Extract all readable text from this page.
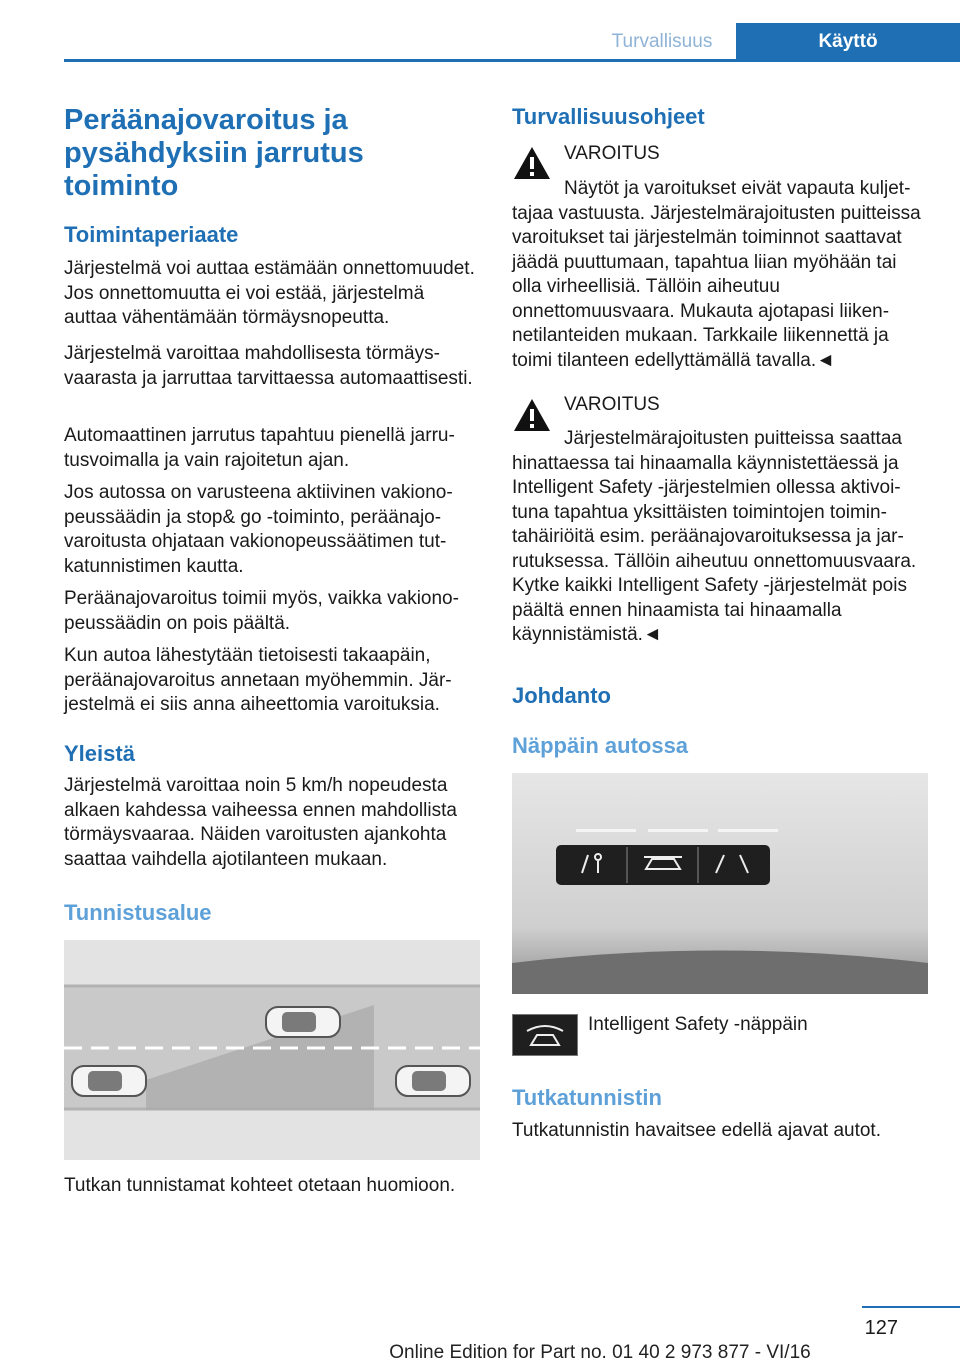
Turvallisuus	Käyttö
Peräänajovaroitus ja pysähdyksiin jarrutus toiminto
Toimintaperiaate

Järjestelmä voi auttaa estämään onnettomuudet. Jos onnettomuutta ei voi estää, järjestelmä auttaa vähentämään törmäysnopeutta.

Järjestelmä varoittaa mahdollisesta törmäysvaarasta ja jarruttaa tarvittaessa automaattisesti.

Automaattinen jarrutus tapahtuu pienellä jarrutusvoimalla ja vain rajoitetun ajan.

Jos autossa on varusteena aktiivinen vakionopeussäädin ja stop& go -toiminto, peräänajovaroitusta ohjataan vakionopeussäätimen tutkatunnistimen kautta.

Peräänajovaroitus toimii myös, vaikka vakionopeussäädin on pois päältä.

Kun autoa lähestytään tietoisesti takaapäin, peräänajovaroitus annetaan myöhemmin. Järjestelmä ei siis anna aiheettomia varoituksia.

Yleistä

Järjestelmä varoittaa noin 5 km/h nopeudesta alkaen kahdessa vaiheessa ennen mahdollista törmäysvaaraa. Näiden varoitusten ajankohta saattaa vaihdella ajotilanteen mukaan.

Tunnistusalue

Tutkan tunnistamat kohteet otetaan huomioon.

Turvallisuusohjeet
VAROITUS

Näytöt ja varoitukset eivät vapauta kuljettajaa vastuusta. Järjestelmärajoitusten puitteissa varoitukset tai järjestelmän toiminnot saattavat jäädä puuttumaan, tapahtua liian myöhään tai olla virheellisiä. Tällöin aiheutuu onnettomuusvaara. Mukauta ajotapasi liikennetilanteiden mukaan. Tarkkaile liikennettä ja toimi tilanteen edellyttämällä tavalla.◄

VAROITUS

Järjestelmärajoitusten puitteissa saattaa hinattaessa tai hinaamalla käynnistettäessä ja Intelligent Safety -järjestelmien ollessa aktivoituna tapahtua yksittäisten toimintojen toimintahäiriöitä esim. peräänajovaroituksessa ja jarrutuksessa. Tällöin aiheutuu onnettomuusvaara. Kytke kaikki Intelligent Safety -järjestelmät pois päältä ennen hinaamista tai hinaamalla käynnistämistä.◄

Johdanto
Näppäin autossa
Intelligent Safety -näppäin
Tutkatunnistin

Tutkatunnistin havaitsee edellä ajavat autot.

127
Online Edition for Part no. 01 40 2 973 877 - VI/16
